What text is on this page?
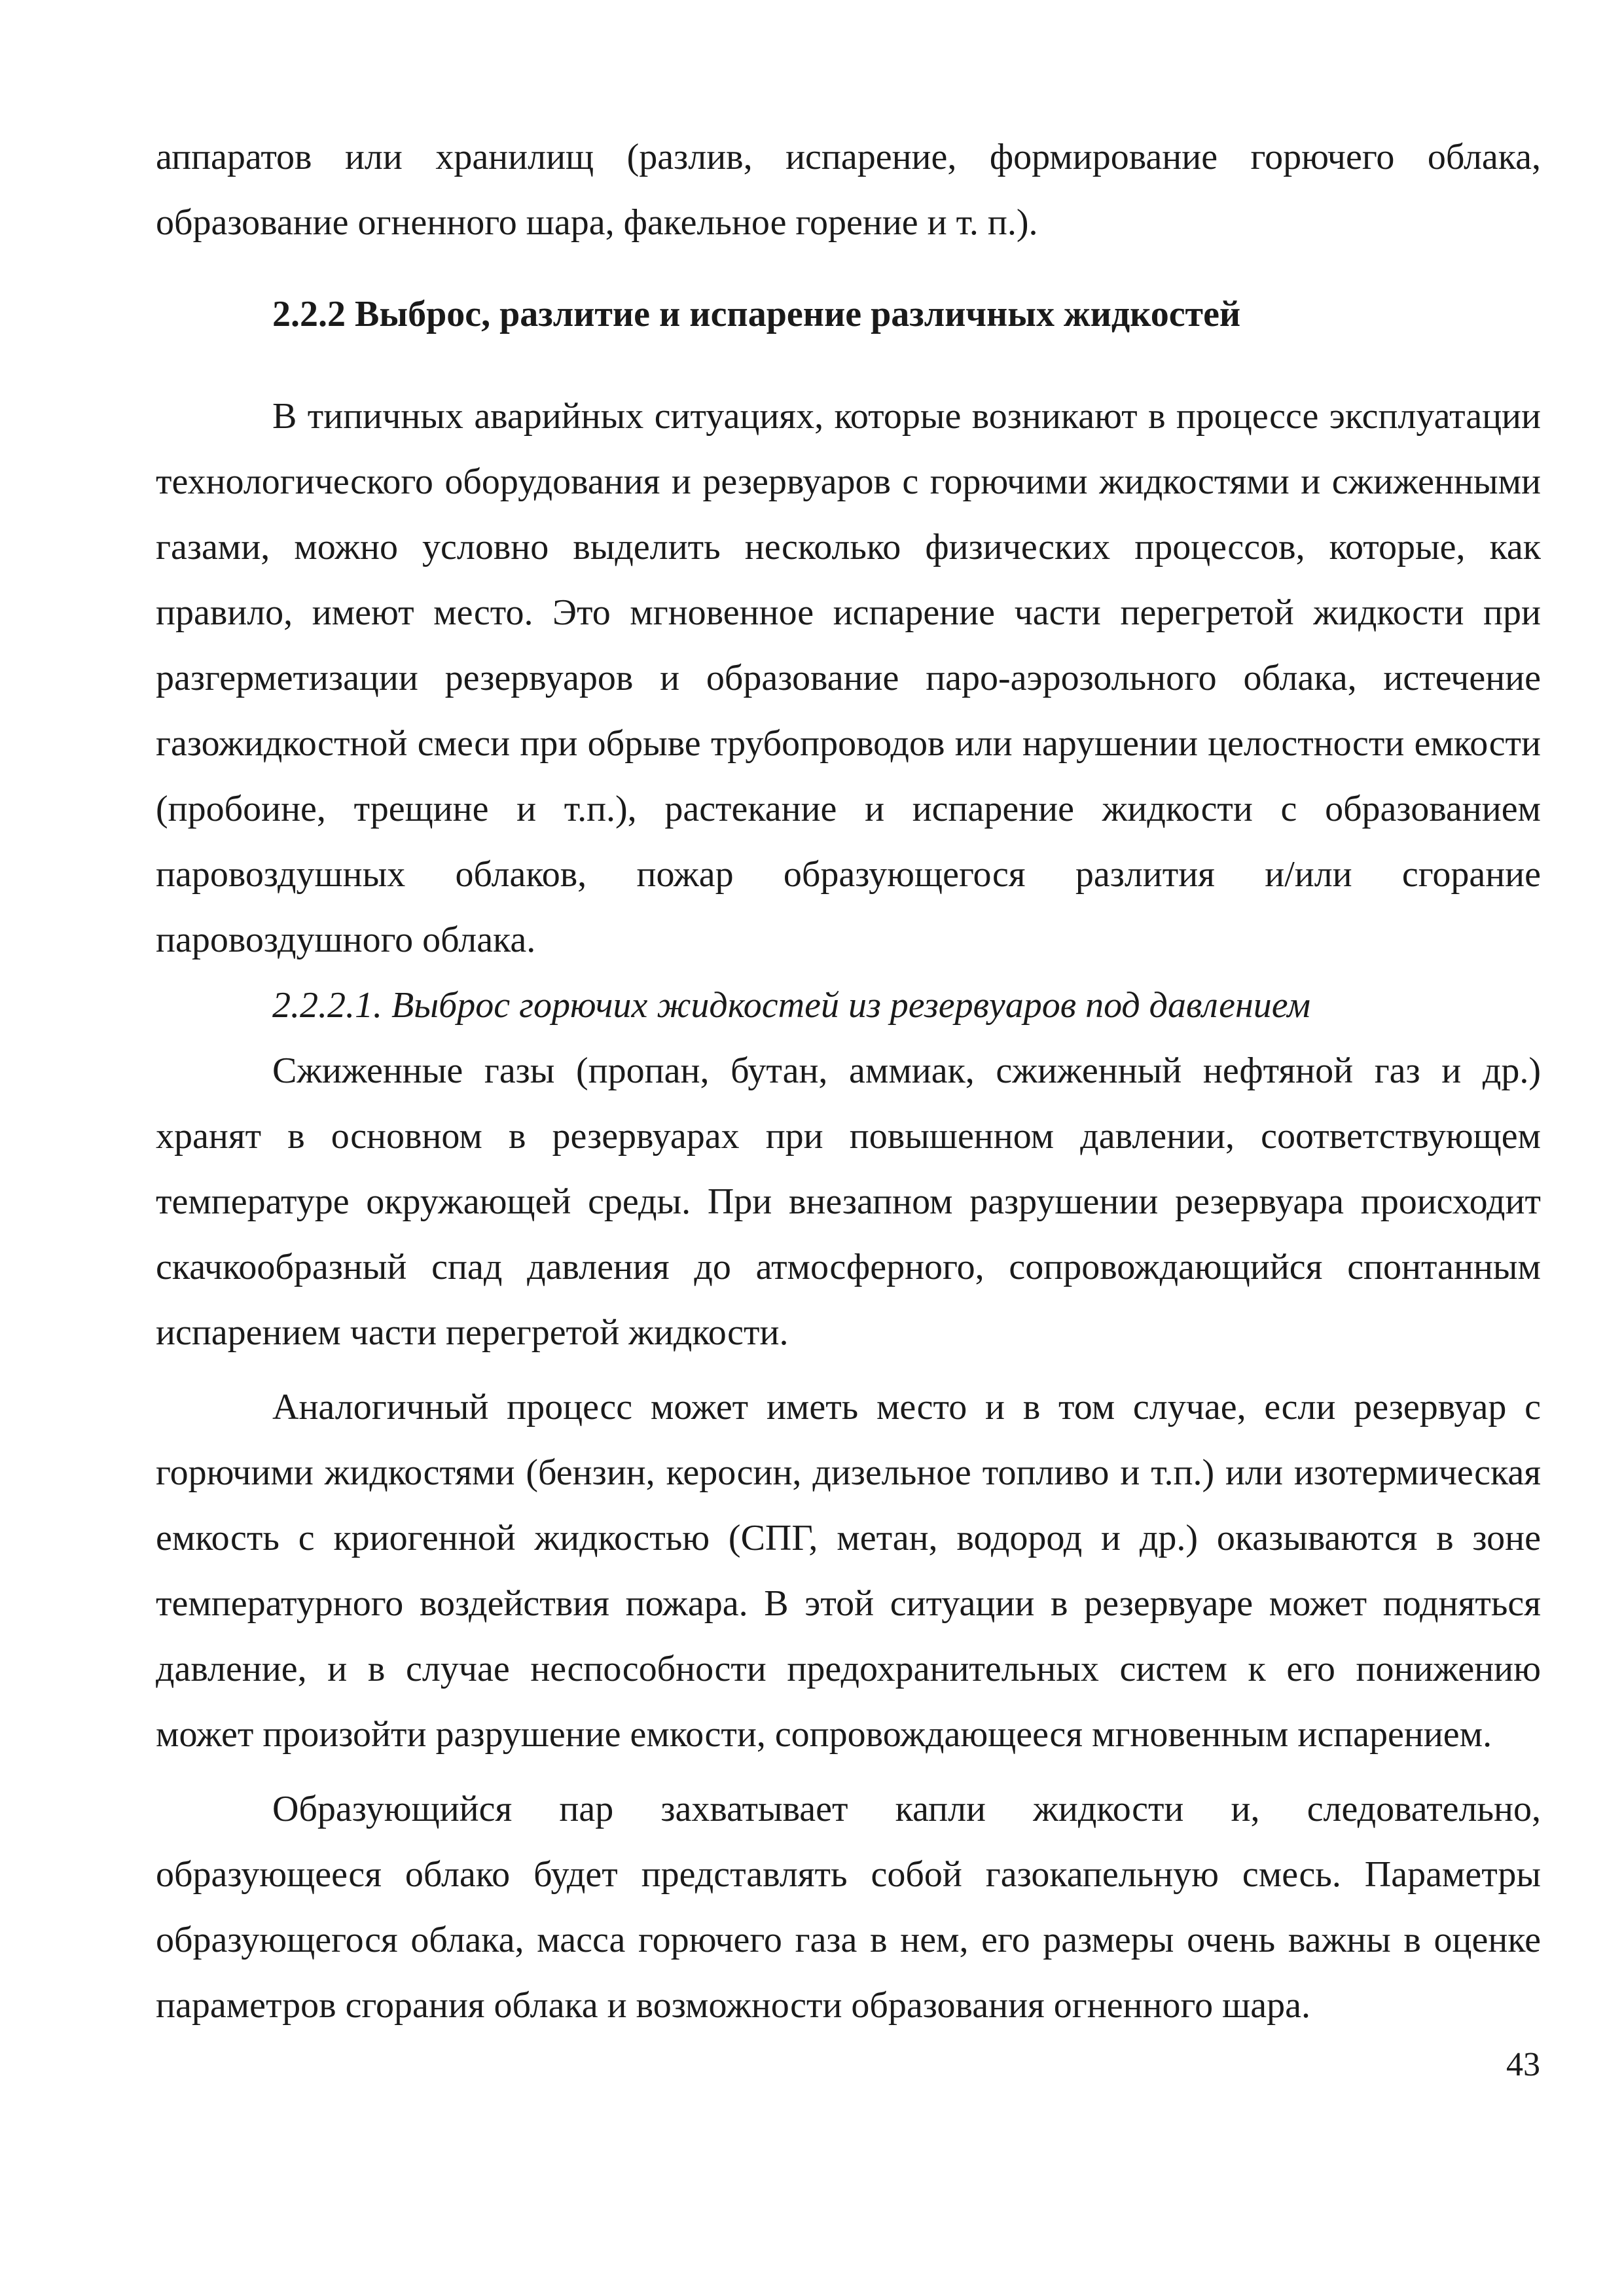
аппаратов или хранилищ (разлив, испарение, формирование горючего облака, образование огненного шара, факельное горение и т. п.).

2.2.2 Выброс, разлитие и испарение различных жидкостей

В типичных аварийных ситуациях, которые возникают в процессе эксплуатации технологического оборудования и резервуаров с горючими жидкостями и сжиженными газами, можно условно выделить несколько физических процессов, которые, как правило, имеют место. Это мгновенное испарение части перегретой жидкости при разгерметизации резервуаров и образование паро-аэрозольного облака, истечение газожидкостной смеси при обрыве трубопроводов или нарушении целостности емкости (пробоине, трещине и т.п.), растекание и испарение жидкости с образованием паровоздушных облаков, пожар образующегося разлития и/или сгорание паровоздушного облака.

2.2.2.1. Выброс горючих жидкостей из резервуаров под давлением

Сжиженные газы (пропан, бутан, аммиак, сжиженный нефтяной газ и др.) хранят в основном в резервуарах при повышенном давлении, соответствующем температуре окружающей среды. При внезапном разрушении резервуара происходит скачкообразный спад давления до атмосферного, сопровождающийся спонтанным испарением части перегретой жидкости.

Аналогичный процесс может иметь место и в том случае, если резервуар с горючими жидкостями (бензин, керосин, дизельное топливо и т.п.) или изотермическая емкость с криогенной жидкостью (СПГ, метан, водород и др.) оказываются в зоне температурного воздействия пожара. В этой ситуации в резервуаре может подняться давление, и в случае неспособности предохранительных систем к его понижению может произойти разрушение емкости, сопровождающееся мгновенным испарением.

Образующийся пар захватывает капли жидкости и, следовательно, образующееся облако будет представлять собой газокапельную смесь. Параметры образующегося облака, масса горючего газа в нем, его размеры очень важны в оценке параметров сгорания облака и возможности образования огненного шара.

43
